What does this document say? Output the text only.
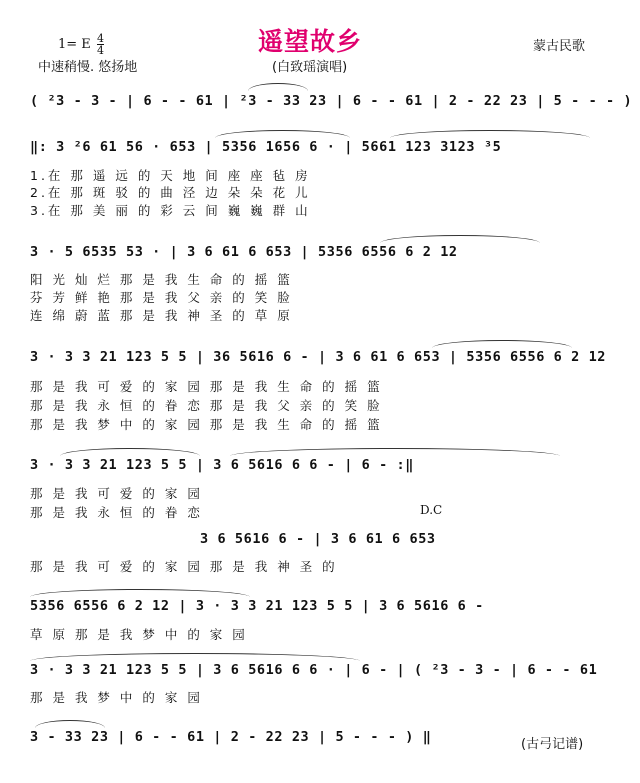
1= E $\frac{4}{4}$	遥望故乡	蒙古民歌
中速稍慢. 悠扬地	(白致瑶演唱)
( ²3 - 3 - | 6 - - 61 | ²3 - 33 23 | 6 - - 61 | 2 - 22 23 | 5 - - - )
‖: 3 ²6 61 56 · 653 | 5356 1656 6 · | 5661 123 3123 ³5
1.在 那 遥 远 的 天 地 间 座 座 毡 房
2.在 那 斑 驳 的 曲 泾 边 朵 朵 花 儿
3.在 那 美 丽 的 彩 云 间 巍 巍 群 山
3 · 5 6535 53 · | 3 6 61 6 653 | 5356 6556 6 2 12
阳 光 灿 烂 那 是 我 生 命 的 摇 篮
芬 芳 鲜 艳 那 是 我 父 亲 的 笑 脸
连 绵 蔚 蓝 那 是 我 神 圣 的 草 原
3 · 3 3 21 123 5 5 | 36 5616 6 - | 3 6 61 6 653 | 5356 6556 6 2 12
那 是 我 可 爱 的 家 园 那 是 我 生 命 的 摇 篮
那 是 我 永 恒 的 眷 恋 那 是 我 父 亲 的 笑 脸
那 是 我 梦 中 的 家 园 那 是 我 生 命 的 摇 篮
3 · 3 3 21 123 5 5 | 3 6 5616 6 6 - | 6 - :‖
那 是 我 可 爱 的 家 园
那 是 我 永 恒 的 眷 恋	D.C
3 6 5616 6 - | 3 6 61 6 653
那 是 我 可 爱 的 家 园 那 是 我 神 圣 的
5356 6556 6 2 12 | 3 · 3 3 21 123 5 5 | 3 6 5616 6 -
草 原 那 是 我 梦 中 的 家 园
3 · 3 3 21 123 5 5 | 3 6 5616 6 6 · | 6 - | ( ²3 - 3 - | 6 - - 61
那 是 我 梦 中 的 家 园
3 - 33 23 | 6 - - 61 | 2 - 22 23 | 5 - - - ) ‖	(古弓记谱)
